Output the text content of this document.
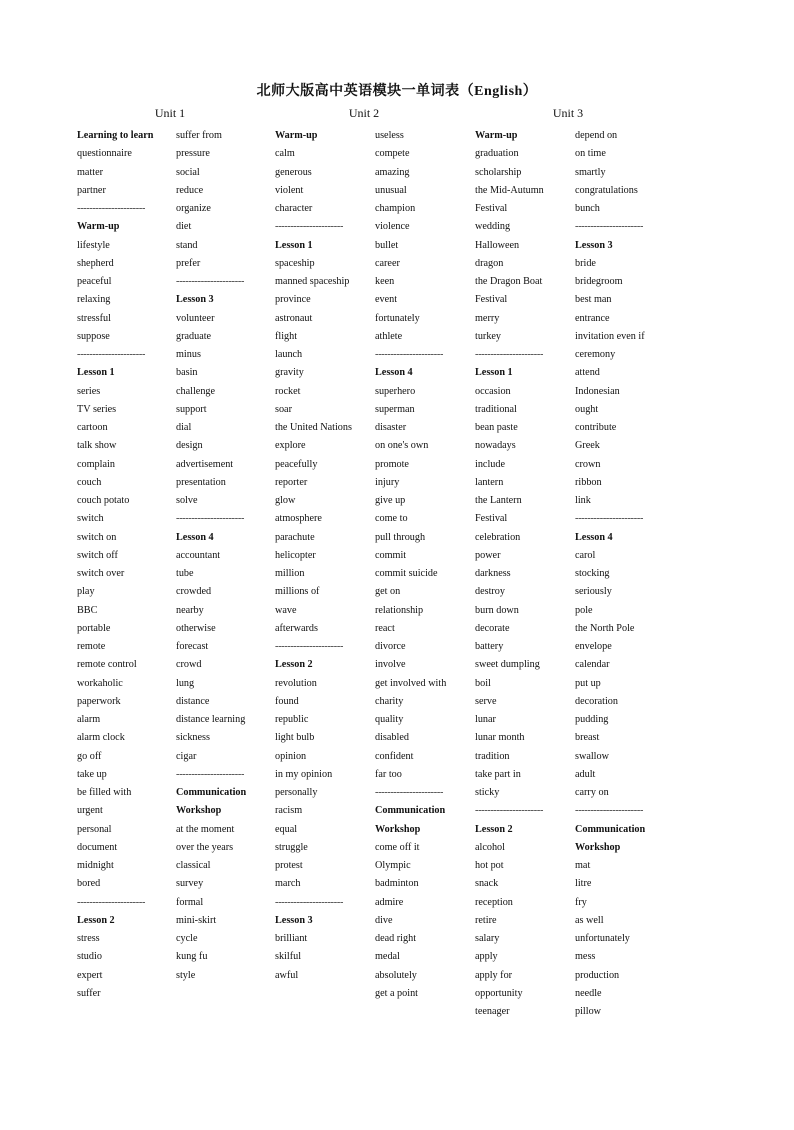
北师大版高中英语模块一单词表（English）
Unit 1	Unit 2	Unit 3
Learning to learn
questionnaire
matter
partner
----------------------
Warm-up
lifestyle
shepherd
peaceful
relaxing
stressful
suppose
----------------------
Lesson 1
series
TV series
cartoon
talk show
complain
couch
couch potato
switch
switch on
switch off
switch over
play
BBC
portable
remote
remote control
workaholic
paperwork
alarm
alarm clock
go off
take up
be filled with
urgent
personal
document
midnight
bored
----------------------
Lesson 2
stress
studio
expert
suffer
suffer from
pressure
social
reduce
organize
diet
stand
prefer
----------------------
Lesson 3
volunteer
graduate
minus
basin
challenge
support
dial
design
advertisement
presentation
solve
----------------------
Lesson 4
accountant
tube
crowded
nearby
otherwise
forecast
crowd
lung
distance
distance learning
sickness
cigar
----------------------
Communication
Workshop
at the moment
over the years
classical
survey
formal
mini-skirt
cycle
kung fu
style
Warm-up
calm
generous
violent
character
----------------------
Lesson 1
spaceship
manned spaceship
province
astronaut
flight
launch
gravity
rocket
soar
the United Nations
explore
peacefully
reporter
glow
atmosphere
parachute
helicopter
million
millions of
wave
afterwards
----------------------
Lesson 2
revolution
found
republic
light bulb
opinion
in my opinion
personally
racism
equal
struggle
protest
march
----------------------
Lesson 3
brilliant
skilful
awful
useless
compete
amazing
unusual
champion
violence
bullet
career
keen
event
fortunately
athlete
----------------------
Lesson 4
superhero
superman
disaster
on one's own
promote
injury
give up
come to
pull through
commit
commit suicide
get on
relationship
react
divorce
involve
get involved with
charity
quality
disabled
confident
far too
----------------------
Communication
Workshop
come off it
Olympic
badminton
admire
dive
dead right
medal
absolutely
get a point
Warm-up
graduation
scholarship
the Mid-Autumn
Festival
wedding
Halloween
dragon
the Dragon Boat
Festival
merry
turkey
----------------------
Lesson 1
occasion
traditional
bean paste
nowadays
include
lantern
the Lantern
Festival
celebration
power
darkness
destroy
burn down
decorate
battery
sweet dumpling
boil
serve
lunar
lunar month
tradition
take part in
sticky
----------------------
Lesson 2
alcohol
hot pot
snack
reception
retire
salary
apply
apply for
opportunity
teenager
depend on
on time
smartly
congratulations
bunch
----------------------
Lesson 3
bride
bridegroom
best man
entrance
invitation even if
ceremony
attend
Indonesian
ought
contribute
Greek
crown
ribbon
link
----------------------
Lesson 4
carol
stocking
seriously
pole
the North Pole
envelope
calendar
put up
decoration
pudding
breast
swallow
adult
carry on
----------------------
Communication
Workshop
mat
litre
fry
as well
unfortunately
mess
production
needle
pillow
